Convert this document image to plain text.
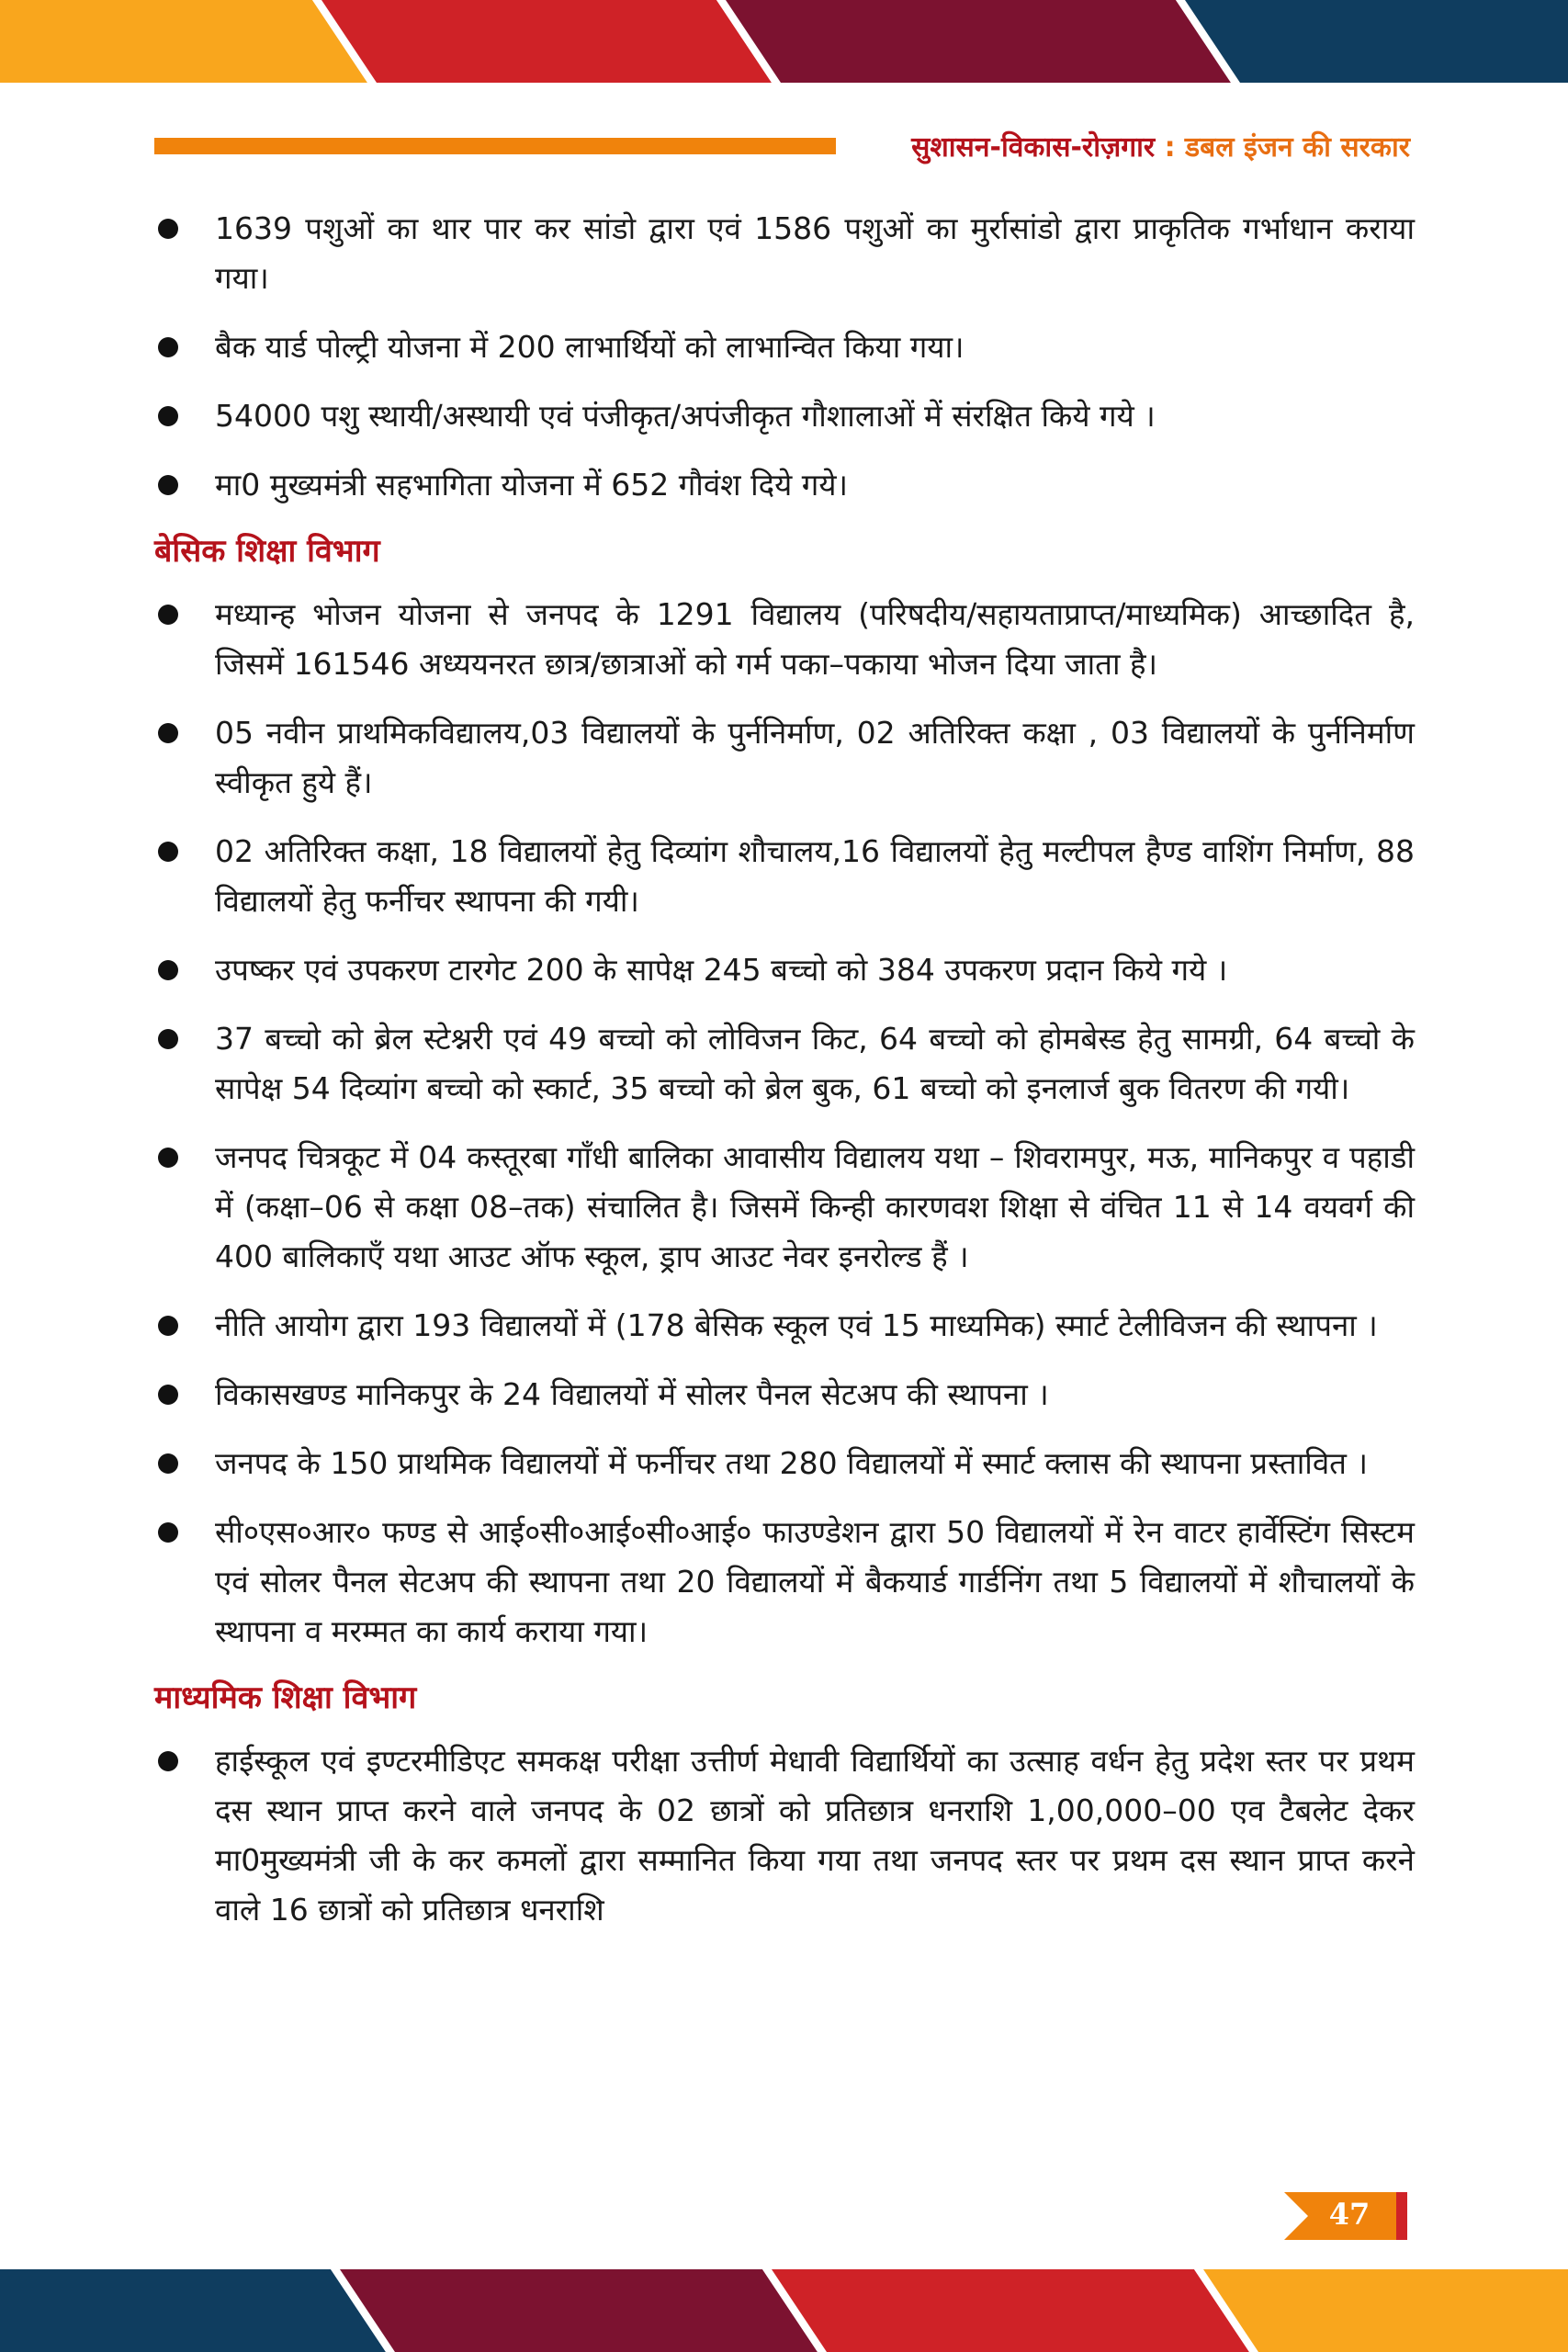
सुशासन-विकास-रोज़गार : डबल इंजन की सरकार
1639 पशुओं का थार पार कर सांडो द्वारा एवं 1586 पशुओं का मुर्रासांडो द्वारा प्राकृतिक गर्भाधान कराया गया।
बैक यार्ड पोल्ट्री योजना में 200 लाभार्थियों को लाभान्वित किया गया।
54000 पशु स्थायी/अस्थायी एवं पंजीकृत/अपंजीकृत गौशालाओं में संरक्षित किये गये ।
मा0 मुख्यमंत्री सहभागिता योजना में 652 गौवंश दिये गये।
बेसिक शिक्षा विभाग
मध्यान्ह भोजन योजना से जनपद के 1291 विद्यालय (परिषदीय/सहायताप्राप्त/माध्यमिक) आच्छादित है, जिसमें 161546 अध्ययनरत छात्र/छात्राओं को गर्म पका–पकाया भोजन दिया जाता है।
05 नवीन प्राथमिकविद्यालय,03 विद्यालयों के पुर्ननिर्माण, 02 अतिरिक्त कक्षा , 03 विद्यालयों के पुर्ननिर्माण स्वीकृत हुये हैं।
02 अतिरिक्त कक्षा, 18 विद्यालयों हेतु दिव्यांग शौचालय,16 विद्यालयों हेतु मल्टीपल हैण्ड वाशिंग निर्माण, 88 विद्यालयों हेतु फर्नीचर स्थापना की गयी।
उपष्कर एवं उपकरण टारगेट 200 के सापेक्ष 245 बच्चो को 384 उपकरण प्रदान किये गये ।
37 बच्चो को ब्रेल स्टेश्नरी एवं 49 बच्चो को लोविजन किट, 64 बच्चो को होमबेस्ड हेतु सामग्री, 64 बच्चो के सापेक्ष 54 दिव्यांग बच्चो को स्कार्ट, 35 बच्चो को ब्रेल बुक, 61 बच्चो को इनलार्ज बुक वितरण की गयी।
जनपद चित्रकूट में 04 कस्तूरबा गाँधी बालिका आवासीय विद्यालय यथा – शिवरामपुर, मऊ, मानिकपुर व पहाडी में (कक्षा–06 से कक्षा 08–तक) संचालित है। जिसमें किन्ही कारणवश शिक्षा से वंचित 11 से 14 वयवर्ग की 400 बालिकाएँ यथा आउट ऑफ स्कूल, ड्राप आउट नेवर इनरोल्ड हैं ।
नीति आयोग द्वारा 193 विद्यालयों में (178 बेसिक स्कूल एवं 15 माध्यमिक) स्मार्ट टेलीविजन की स्थापना ।
विकासखण्ड मानिकपुर के 24 विद्यालयों में सोलर पैनल सेटअप की स्थापना ।
जनपद के 150 प्राथमिक विद्यालयों में फर्नीचर तथा 280 विद्यालयों में स्मार्ट क्लास की स्थापना प्रस्तावित ।
सी०एस०आर० फण्ड से आई०सी०आई०सी०आई० फाउण्डेशन द्वारा 50 विद्यालयों में रेन वाटर हार्वेस्टिंग सिस्टम एवं सोलर पैनल सेटअप की स्थापना तथा 20 विद्यालयों में बैकयार्ड गार्डनिंग तथा 5 विद्यालयों में शौचालयों के स्थापना व मरम्मत का कार्य कराया गया।
माध्यमिक शिक्षा विभाग
हाईस्कूल एवं इण्टरमीडिएट समकक्ष परीक्षा उत्तीर्ण मेधावी विद्यार्थियों का उत्साह वर्धन हेतु प्रदेश स्तर पर प्रथम दस स्थान प्राप्त करने वाले जनपद के 02 छात्रों को प्रतिछात्र धनराशि 1,00,000–00 एव टैबलेट देकर मा0मुख्यमंत्री जी के कर कमलों द्वारा सम्मानित किया गया तथा जनपद स्तर पर प्रथम दस स्थान प्राप्त करने वाले 16 छात्रों को प्रतिछात्र धनराशि
47
